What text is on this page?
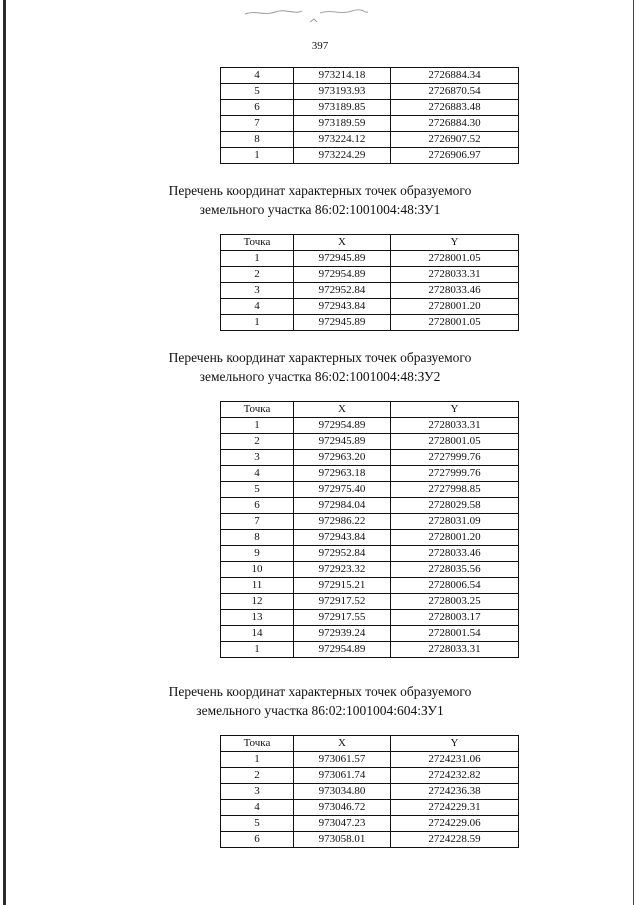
397
4	973214.18	2726884.34
5	973193.93	2726870.54
6	973189.85	2726883.48
7	973189.59	2726884.30
8	973224.12	2726907.52
1	973224.29	2726906.97
Перечень координат характерных точек образуемого
земельного участка 86:02:1001004:48:ЗУ1
Точка	X	Y
1	972945.89	2728001.05
2	972954.89	2728033.31
3	972952.84	2728033.46
4	972943.84	2728001.20
1	972945.89	2728001.05
Перечень координат характерных точек образуемого
земельного участка 86:02:1001004:48:ЗУ2
Точка	X	Y
1	972954.89	2728033.31
2	972945.89	2728001.05
3	972963.20	2727999.76
4	972963.18	2727999.76
5	972975.40	2727998.85
6	972984.04	2728029.58
7	972986.22	2728031.09
8	972943.84	2728001.20
9	972952.84	2728033.46
10	972923.32	2728035.56
11	972915.21	2728006.54
12	972917.52	2728003.25
13	972917.55	2728003.17
14	972939.24	2728001.54
1	972954.89	2728033.31
Перечень координат характерных точек образуемого
земельного участка 86:02:1001004:604:ЗУ1
Точка	X	Y
1	973061.57	2724231.06
2	973061.74	2724232.82
3	973034.80	2724236.38
4	973046.72	2724229.31
5	973047.23	2724229.06
6	973058.01	2724228.59
